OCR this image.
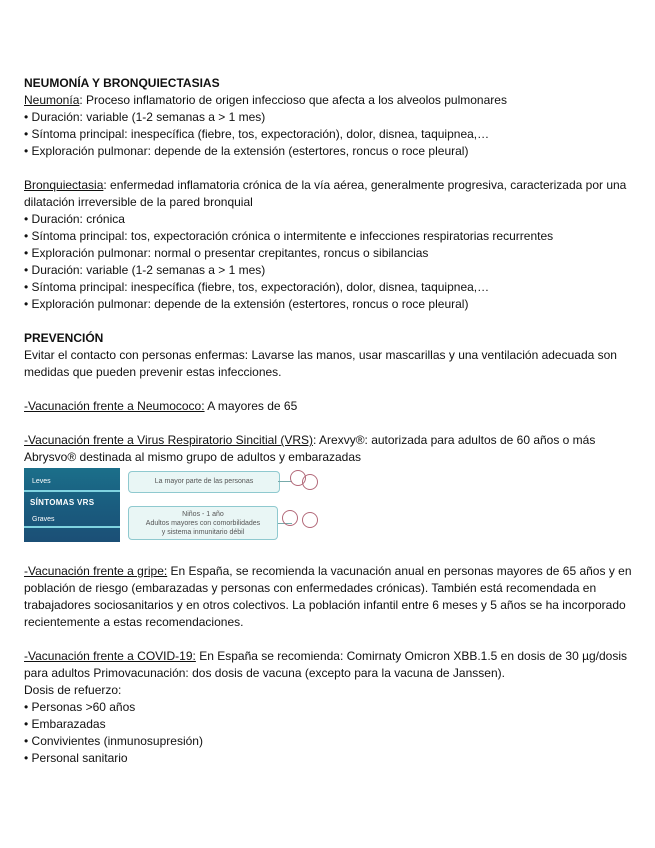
NEUMONÍA Y BRONQUIECTASIAS

Neumonía: Proceso inflamatorio de origen infeccioso que afecta a los alveolos pulmonares

• Duración: variable (1-2 semanas a > 1 mes)

• Síntoma principal: inespecífica (fiebre, tos, expectoración), dolor, disnea, taquipnea,…

• Exploración pulmonar: depende de la extensión (estertores, roncus o roce pleural)

Bronquiectasia: enfermedad inflamatoria crónica de la vía aérea, generalmente progresiva, caracterizada por una dilatación irreversible de la pared bronquial

• Duración: crónica

• Síntoma principal: tos, expectoración crónica o intermitente e infecciones respiratorias recurrentes

• Exploración pulmonar: normal o presentar crepitantes, roncus o sibilancias

• Duración: variable (1-2 semanas a > 1 mes)

• Síntoma principal: inespecífica (fiebre, tos, expectoración), dolor, disnea, taquipnea,…

• Exploración pulmonar: depende de la extensión (estertores, roncus o roce pleural)

PREVENCIÓN

Evitar el contacto con personas enfermas: Lavarse las manos, usar mascarillas y una ventilación adecuada son medidas que pueden prevenir estas infecciones.

-Vacunación frente a Neumococo: A mayores de 65

-Vacunación frente a Virus Respiratorio Sincitial (VRS): Arexvy®: autorizada para adultos de 60 años o más Abrysvo® destinada al mismo grupo de adultos y embarazadas

Leves
SÍNTOMAS VRS
Graves
La mayor parte de las personas
Niños - 1 año
Adultos mayores con comorbilidades
y sistema inmunitario débil

-Vacunación frente a gripe: En España, se recomienda la vacunación anual en personas mayores de 65 años y en población de riesgo (embarazadas y personas con enfermedades crónicas). También está recomendada en trabajadores sociosanitarios y en otros colectivos. La población infantil entre 6 meses y 5 años se ha incorporado recientemente a estas recomendaciones.

-Vacunación frente a COVID-19: En España se recomienda: Comirnaty Omicron XBB.1.5 en dosis de 30 µg/dosis para adultos Primovacunación: dos dosis de vacuna (excepto para la vacuna de Janssen).

Dosis de refuerzo:

• Personas >60 años

• Embarazadas

• Convivientes (inmunosupresión)

• Personal sanitario
